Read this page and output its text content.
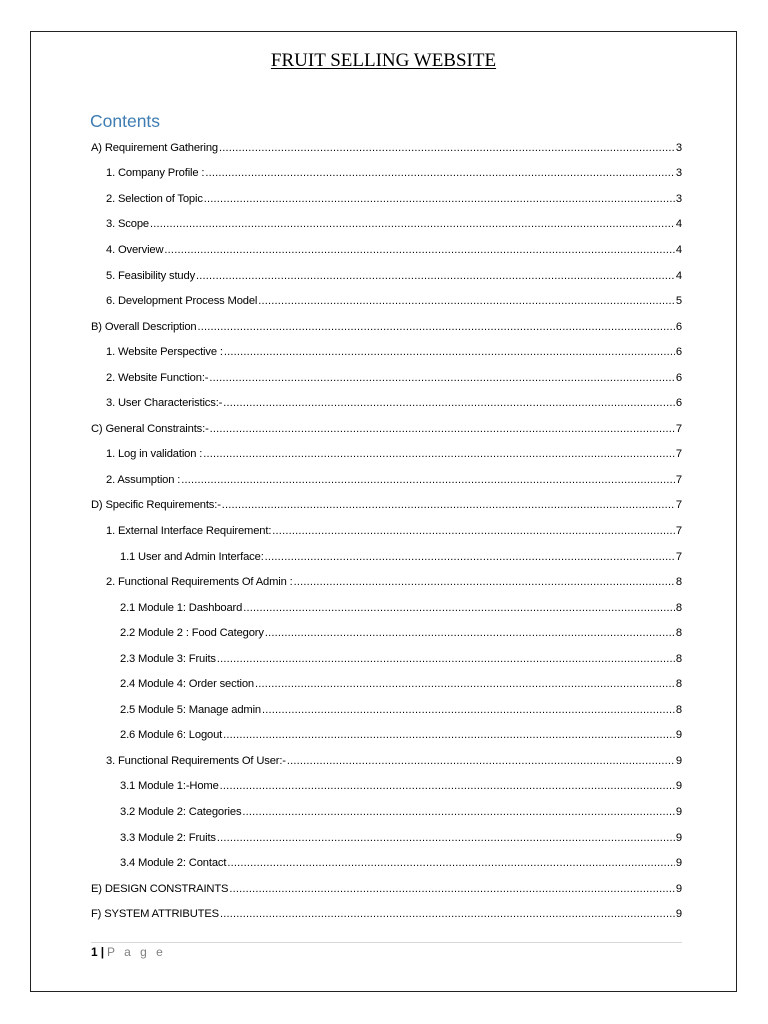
FRUIT SELLING WEBSITE
Contents
A) Requirement Gathering .....	3
1. Company Profile : .....	3
2. Selection of Topic .....	3
3. Scope .....	4
4. Overview .....	4
5. Feasibility study .....	4
6. Development Process Model .....	5
B) Overall Description .....	6
1. Website Perspective : .....	6
2. Website Function:- .....	6
3. User Characteristics:- .....	6
C) General Constraints:- .....	7
1. Log in validation : .....	7
2. Assumption : .....	7
D) Specific Requirements:- .....	7
1. External Interface Requirement: .....	7
1.1 User and Admin Interface: .....	7
2. Functional Requirements Of Admin : .....	8
2.1 Module 1: Dashboard .....	8
2.2 Module 2 : Food Category .....	8
2.3 Module 3: Fruits .....	8
2.4 Module 4: Order section .....	8
2.5 Module 5: Manage admin .....	8
2.6 Module 6: Logout .....	9
3. Functional Requirements Of User:- .....	9
3.1 Module 1:-Home .....	9
3.2 Module 2: Categories .....	9
3.3 Module 2: Fruits .....	9
3.4 Module 2: Contact .....	9
E) DESIGN CONSTRAINTS .....	9
F) SYSTEM ATTRIBUTES .....	9
1 | P a g e
